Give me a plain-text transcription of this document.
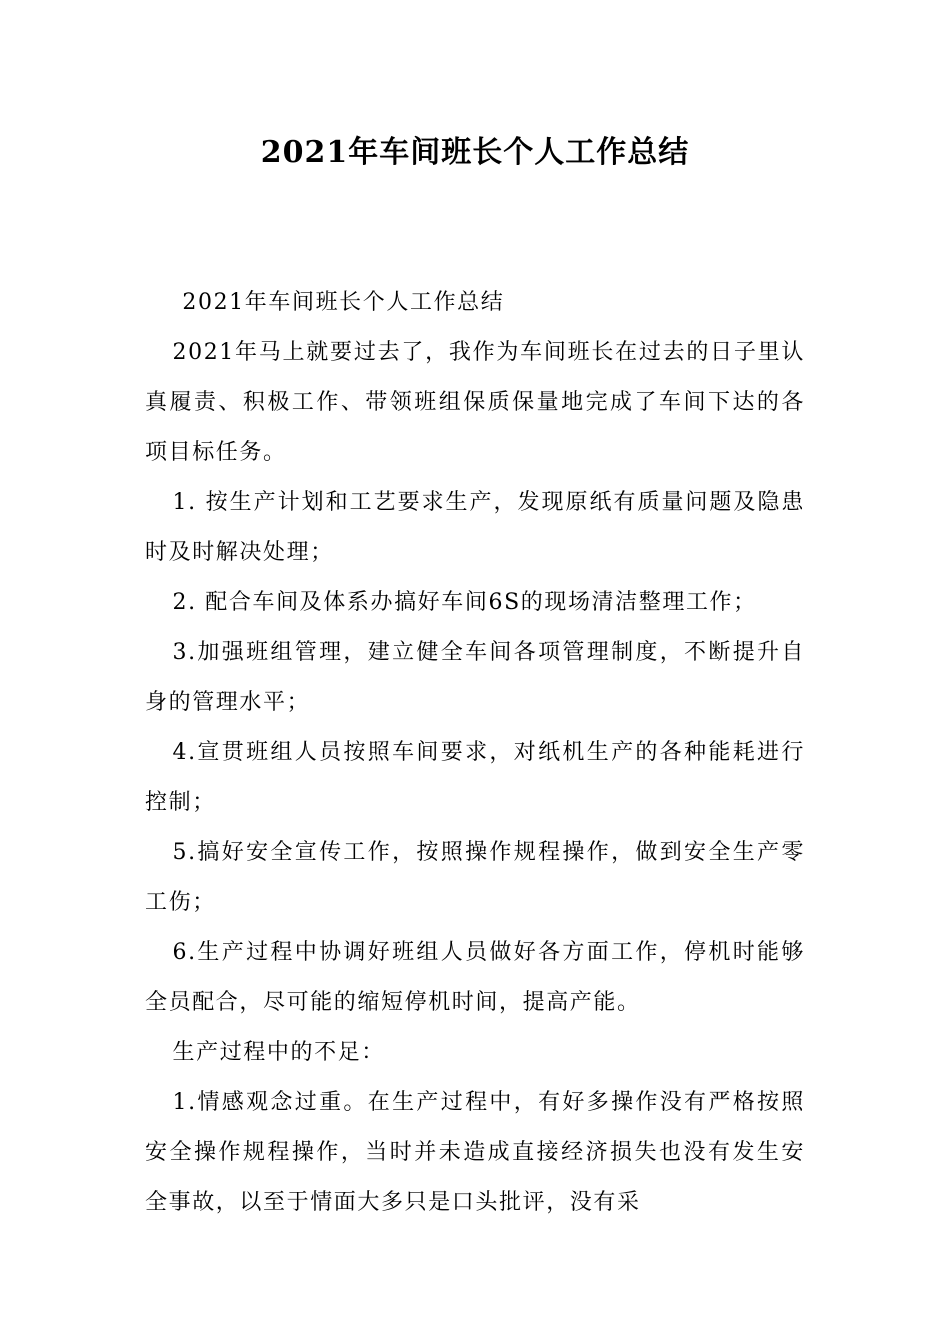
2021年车间班长个人工作总结

2021年车间班长个人工作总结

2021年马上就要过去了，我作为车间班长在过去的日子里认真履责、积极工作、带领班组保质保量地完成了车间下达的各项目标任务。

1. 按生产计划和工艺要求生产，发现原纸有质量问题及隐患时及时解决处理；

2. 配合车间及体系办搞好车间6S的现场清洁整理工作；

3.加强班组管理，建立健全车间各项管理制度，不断提升自身的管理水平；

4.宣贯班组人员按照车间要求，对纸机生产的各种能耗进行控制；

5.搞好安全宣传工作，按照操作规程操作，做到安全生产零工伤；

6.生产过程中协调好班组人员做好各方面工作，停机时能够全员配合，尽可能的缩短停机时间，提高产能。

生产过程中的不足：

1.情感观念过重。在生产过程中，有好多操作没有严格按照安全操作规程操作，当时并未造成直接经济损失也没有发生安全事故，以至于情面大多只是口头批评，没有采
